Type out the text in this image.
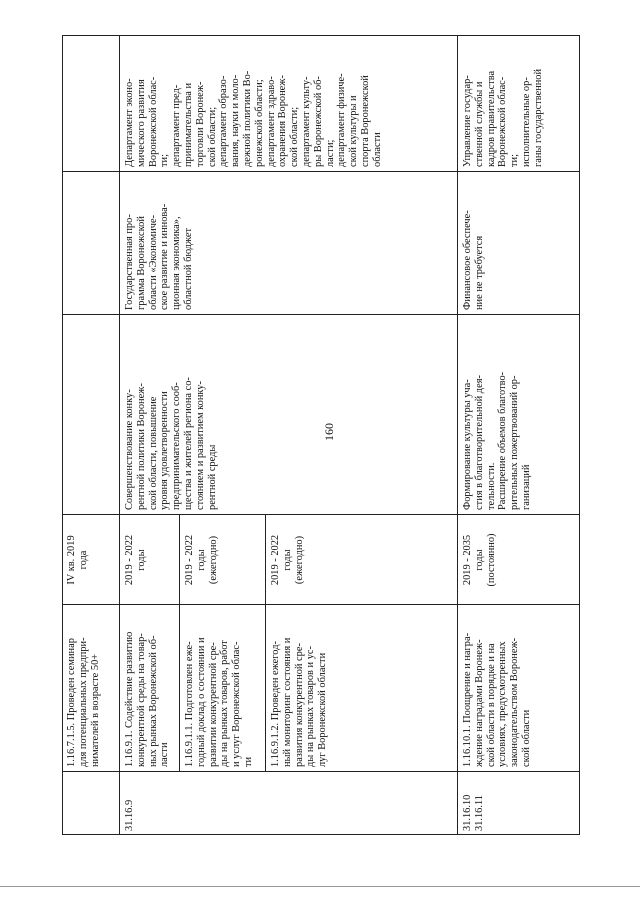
160
1.16.7.1.5. Проведен семинар
для потенциальных предпри-
нимателей в возрасте 50+
IV кв. 2019
года
31.16.9
1.16.9.1. Содействие развитию
конкурентной среды на товар-
ных рынках Воронежской об-
ласти
2019 - 2022
годы
Совершенствование конку-
рентной политики Воронеж-
ской области, повышение
уровня удовлетворенности
предпринимательского сооб-
щества и жителей региона со-
стоянием и развитием конку-
рентной среды
Государственная про-
грамма Воронежской
области «Экономиче-
ское развитие и иннова-
ционная экономика»,
областной бюджет
Департамент эконо-
мического развития
Воронежской облас-
ти;
департамент пред-
принимательства и
торговли Воронеж-
ской области;
департамент образо-
вания, науки и моло-
дежной политики Во-
ронежской области;
департамент здраво-
охранения Воронеж-
ской области;
департамент культу-
ры Воронежской об-
ласти;
департамент физиче-
ской культуры и
спорта Воронежской
области
1.16.9.1.1. Подготовлен еже-
годный доклад о состоянии и
развитии конкурентной сре-
ды на рынках товаров, работ
и услуг Воронежской облас-
ти
2019 - 2022
годы
(ежегодно)
1.16.9.1.2. Проведен ежегод-
ный мониторинг состояния и
развития конкурентной сре-
ды на рынках товаров и ус-
луг Воронежской области
2019 - 2022
годы
(ежегодно)
31.16.10
31.16.11
1.16.10.1. Поощрение и награ-
ждение наградами Воронеж-
ской области в порядке и на
условиях, предусмотренных
законодательством Воронеж-
ской области
2019 - 2035
годы
(постоянно)
Формирование культуры уча-
стия в благотворительной дея-
тельности.
Расширение объемов благотво-
рительных пожертвований ор-
ганизаций
Финансовое обеспече-
ние не требуется
Управление государ-
ственной службы и
кадров правительства
Воронежской облас-
ти;
исполнительные ор-
ганы государственной
